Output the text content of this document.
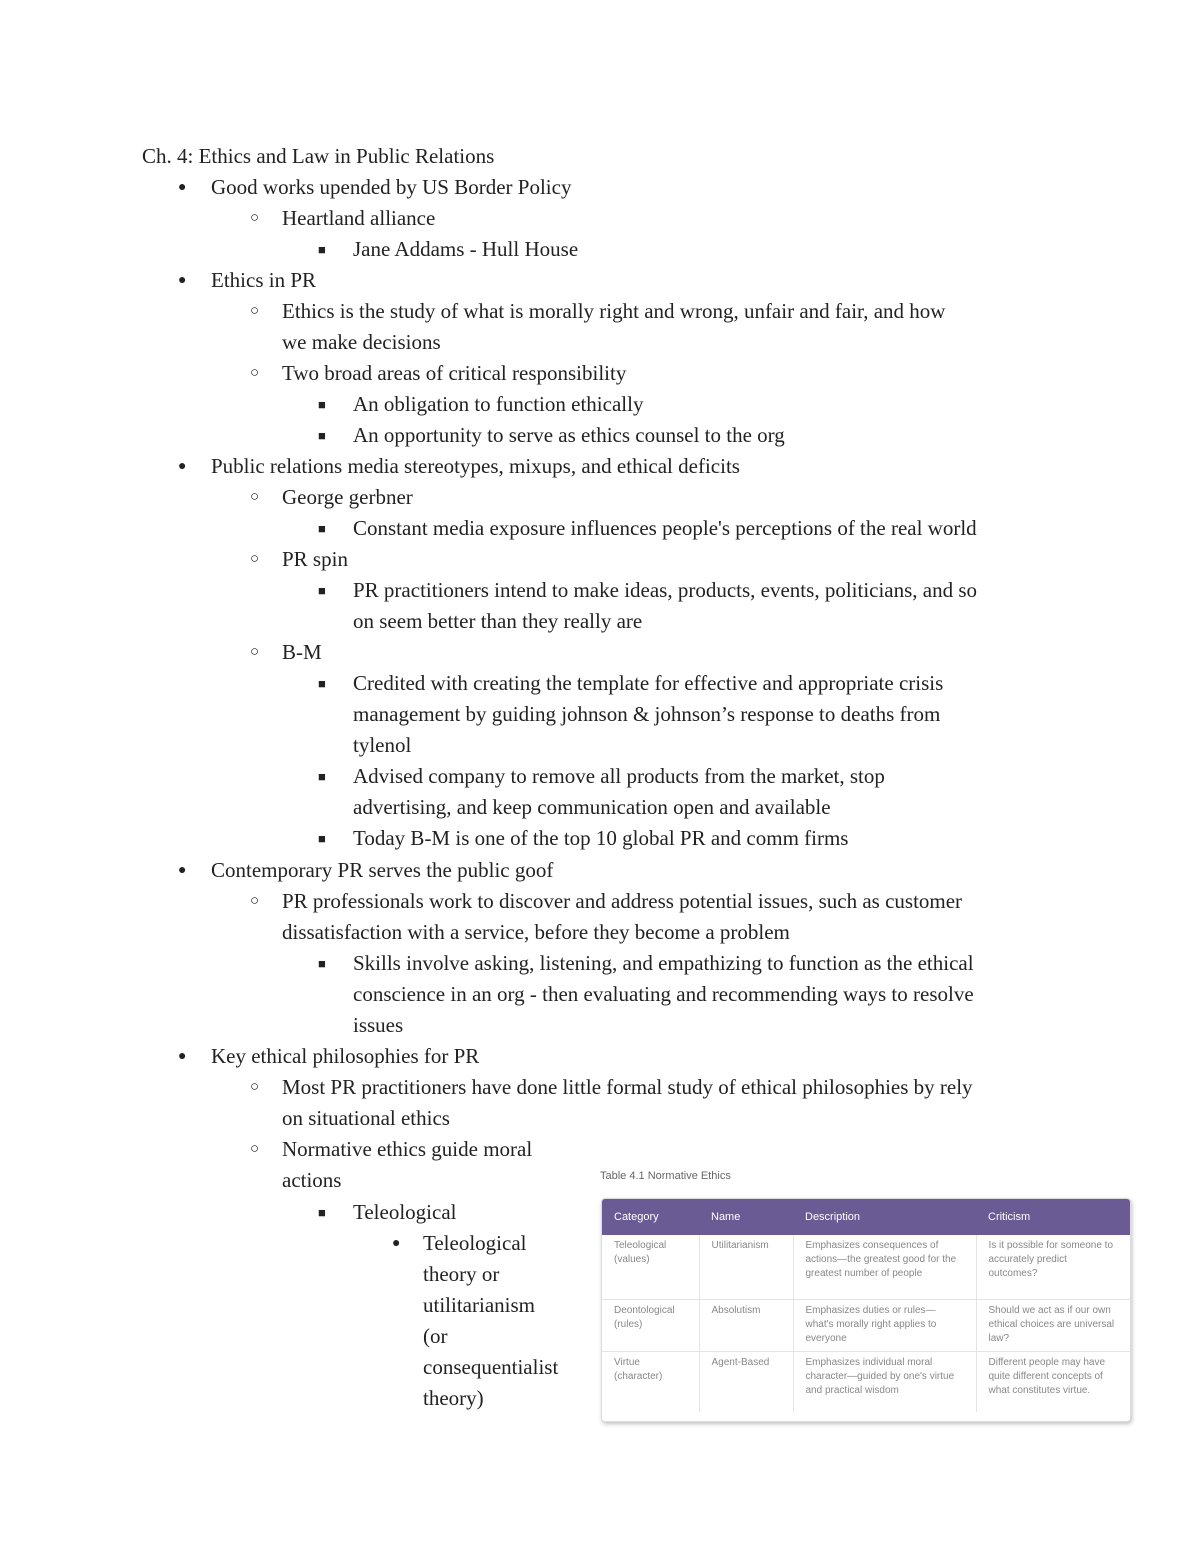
Ch. 4: Ethics and Law in Public Relations
● Good works upended by US Border Policy
○ Heartland alliance
■ Jane Addams - Hull House
● Ethics in PR
○ Ethics is the study of what is morally right and wrong, unfair and fair, and how
we make decisions
○ Two broad areas of critical responsibility
■ An obligation to function ethically
■ An opportunity to serve as ethics counsel to the org
● Public relations media stereotypes, mixups, and ethical deficits
○ George gerbner
■ Constant media exposure influences people's perceptions of the real world
○ PR spin
■ PR practitioners intend to make ideas, products, events, politicians, and so
on seem better than they really are
○ B-M
■ Credited with creating the template for effective and appropriate crisis
management by guiding johnson & johnson’s response to deaths from
tylenol
■ Advised company to remove all products from the market, stop
advertising, and keep communication open and available
■ Today B-M is one of the top 10 global PR and comm firms
● Contemporary PR serves the public goof
○ PR professionals work to discover and address potential issues, such as customer
dissatisfaction with a service, before they become a problem
■ Skills involve asking, listening, and empathizing to function as the ethical
conscience in an org - then evaluating and recommending ways to resolve
issues
● Key ethical philosophies for PR
○ Most PR practitioners have done little formal study of ethical philosophies by rely
on situational ethics
○ Normative ethics guide moral
actions
■ Teleological
● Teleological
theory or
utilitarianism
(or
consequentialist
theory)
Table 4.1 Normative Ethics
Category	Name	Description	Criticism
Teleological (values)	Utilitarianism	Emphasizes consequences of actions—the greatest good for the greatest number of people	Is it possible for someone to accurately predict outcomes?
Deontological (rules)	Absolutism	Emphasizes duties or rules—what's morally right applies to everyone	Should we act as if our own ethical choices are universal law?
Virtue (character)	Agent-Based	Emphasizes individual moral character—guided by one's virtue and practical wisdom	Different people may have quite different concepts of what constitutes virtue.
